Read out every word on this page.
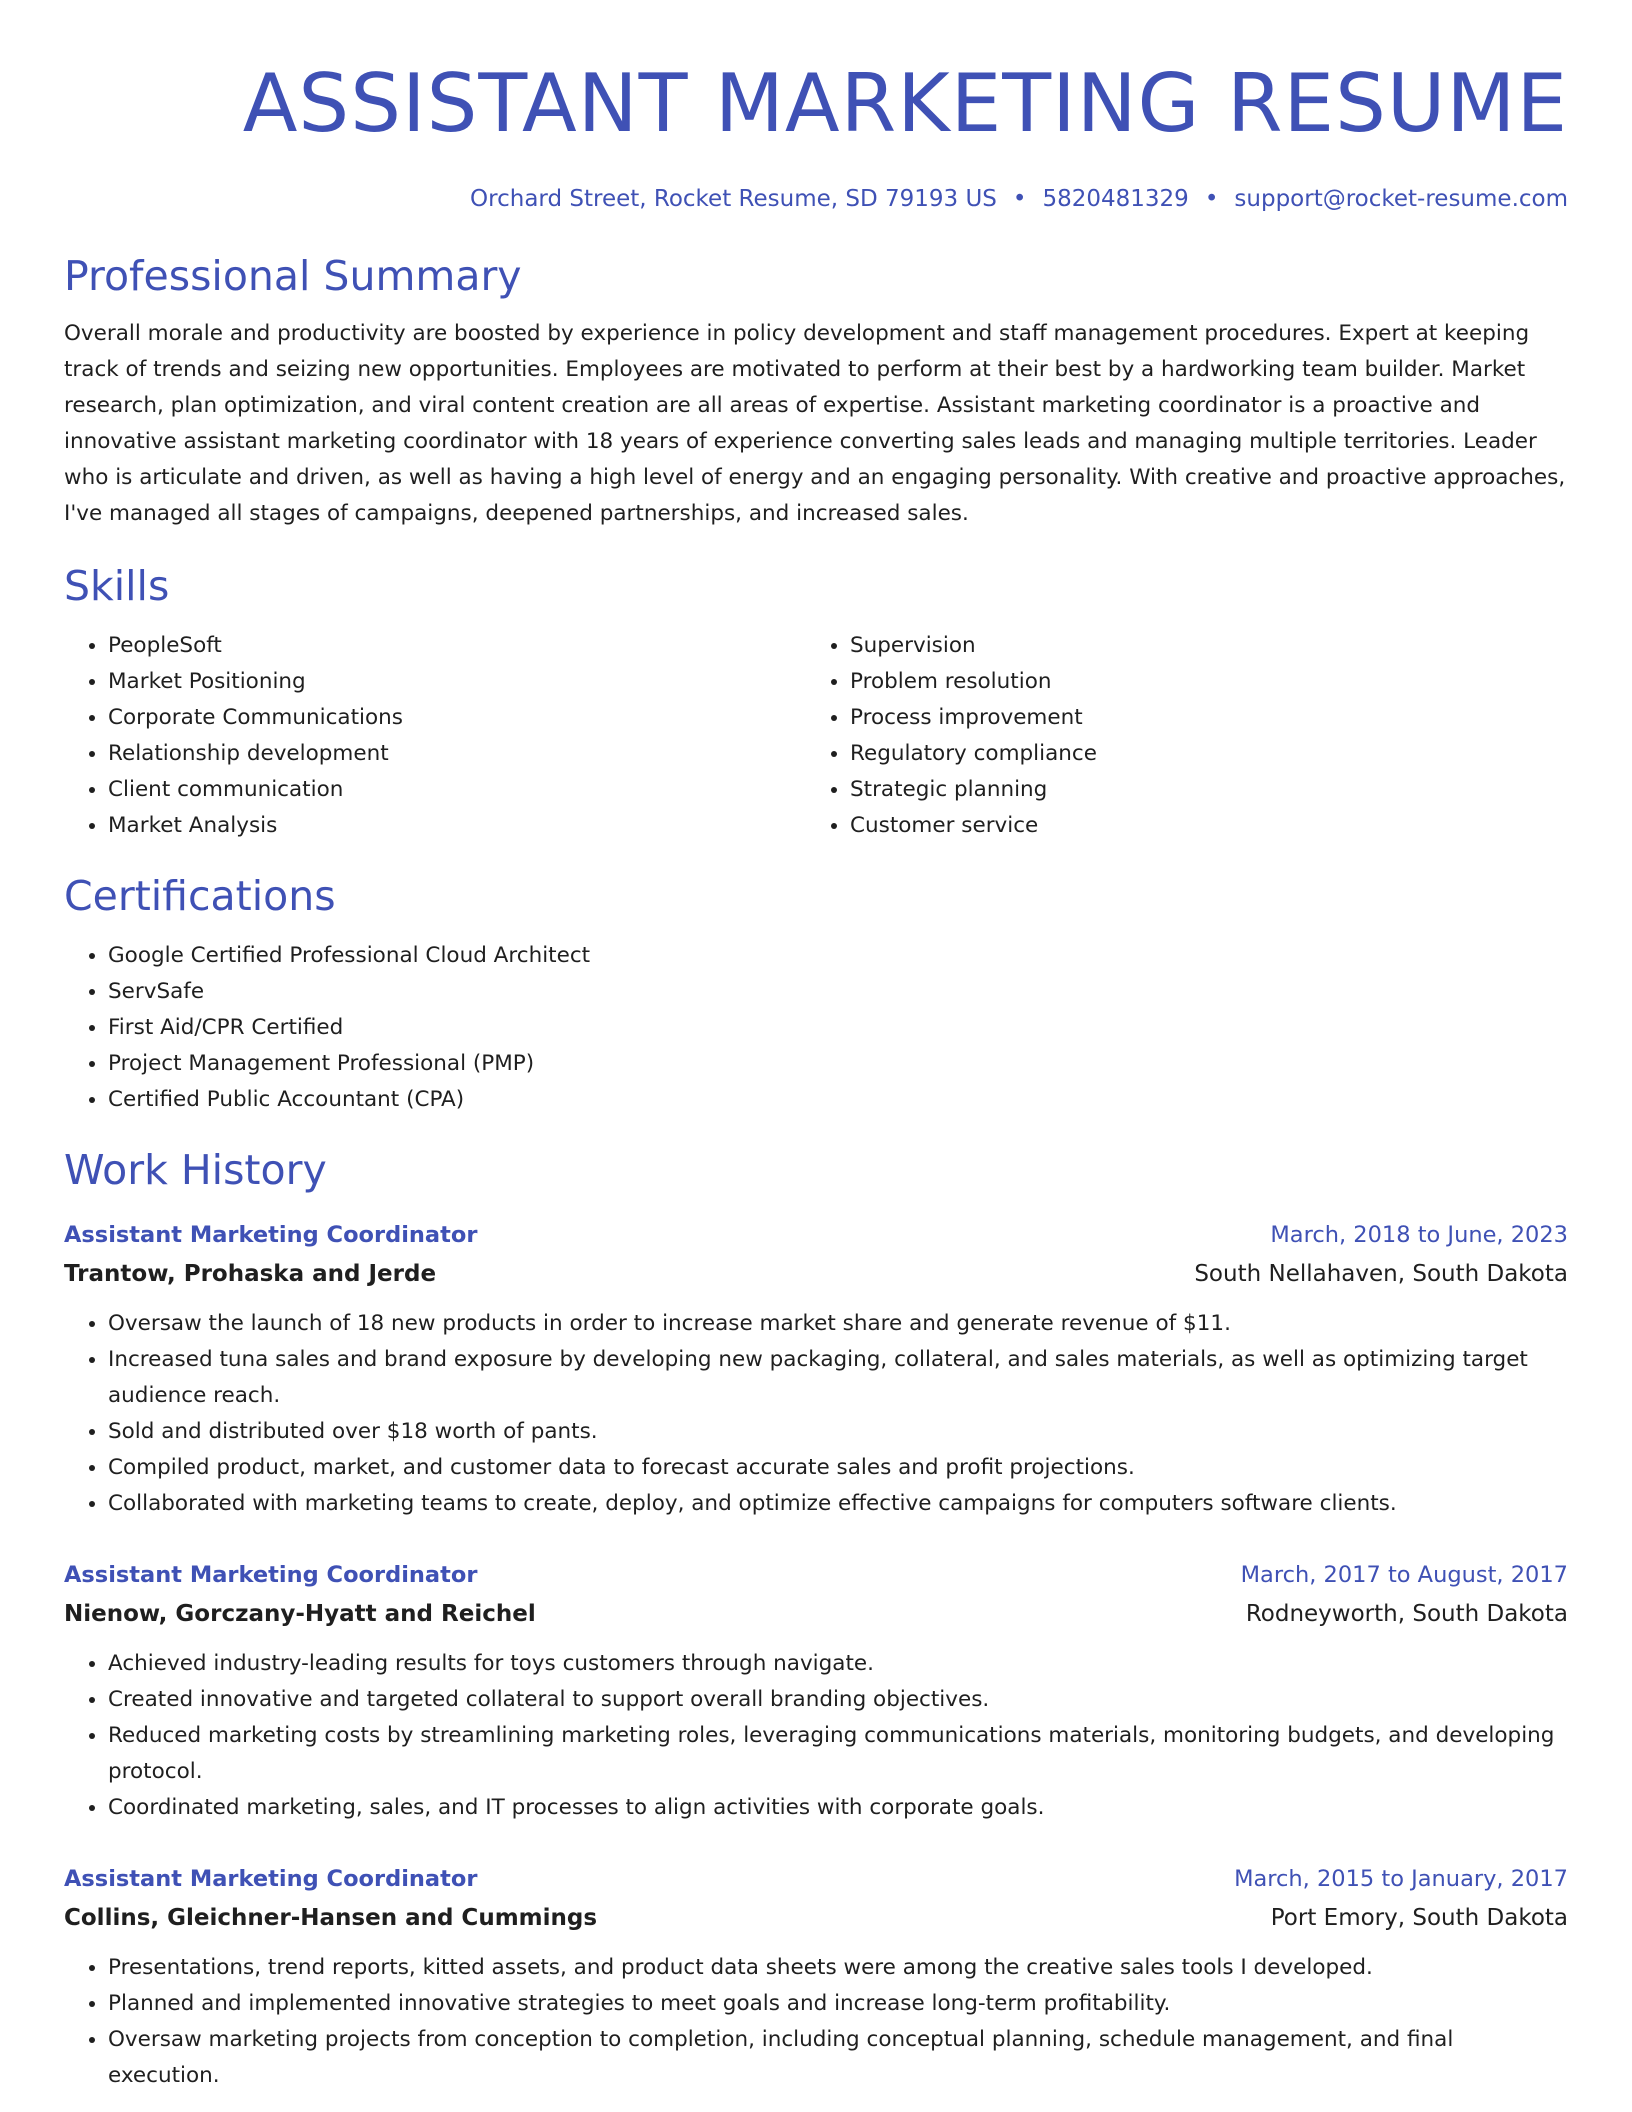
ASSISTANT MARKETING RESUME
Orchard Street, Rocket Resume, SD 79193 US • 5820481329 • support@rocket-resume.com
Professional Summary

Overall morale and productivity are boosted by experience in policy development and staff management procedures. Expert at keeping track of trends and seizing new opportunities. Employees are motivated to perform at their best by a hardworking team builder. Market research, plan optimization, and viral content creation are all areas of expertise. Assistant marketing coordinator is a proactive and innovative assistant marketing coordinator with 18 years of experience converting sales leads and managing multiple territories. Leader who is articulate and driven, as well as having a high level of energy and an engaging personality. With creative and proactive approaches, I've managed all stages of campaigns, deepened partnerships, and increased sales.

Skills
• PeopleSoft
• Market Positioning
• Corporate Communications
• Relationship development
• Client communication
• Market Analysis
• Supervision
• Problem resolution
• Process improvement
• Regulatory compliance
• Strategic planning
• Customer service
Certifications
• Google Certified Professional Cloud Architect
• ServSafe
• First Aid/CPR Certified
• Project Management Professional (PMP)
• Certified Public Accountant (CPA)
Work History
Assistant Marketing Coordinator	March, 2018 to June, 2023
Trantow, Prohaska and Jerde	South Nellahaven, South Dakota
• Oversaw the launch of 18 new products in order to increase market share and generate revenue of $11.
• Increased tuna sales and brand exposure by developing new packaging, collateral, and sales materials, as well as optimizing target audience reach.
• Sold and distributed over $18 worth of pants.
• Compiled product, market, and customer data to forecast accurate sales and profit projections.
• Collaborated with marketing teams to create, deploy, and optimize effective campaigns for computers software clients.
Assistant Marketing Coordinator	March, 2017 to August, 2017
Nienow, Gorczany-Hyatt and Reichel	Rodneyworth, South Dakota
• Achieved industry-leading results for toys customers through navigate.
• Created innovative and targeted collateral to support overall branding objectives.
• Reduced marketing costs by streamlining marketing roles, leveraging communications materials, monitoring budgets, and developing protocol.
• Coordinated marketing, sales, and IT processes to align activities with corporate goals.
Assistant Marketing Coordinator	March, 2015 to January, 2017
Collins, Gleichner-Hansen and Cummings	Port Emory, South Dakota
• Presentations, trend reports, kitted assets, and product data sheets were among the creative sales tools I developed.
• Planned and implemented innovative strategies to meet goals and increase long-term profitability.
• Oversaw marketing projects from conception to completion, including conceptual planning, schedule management, and final execution.
